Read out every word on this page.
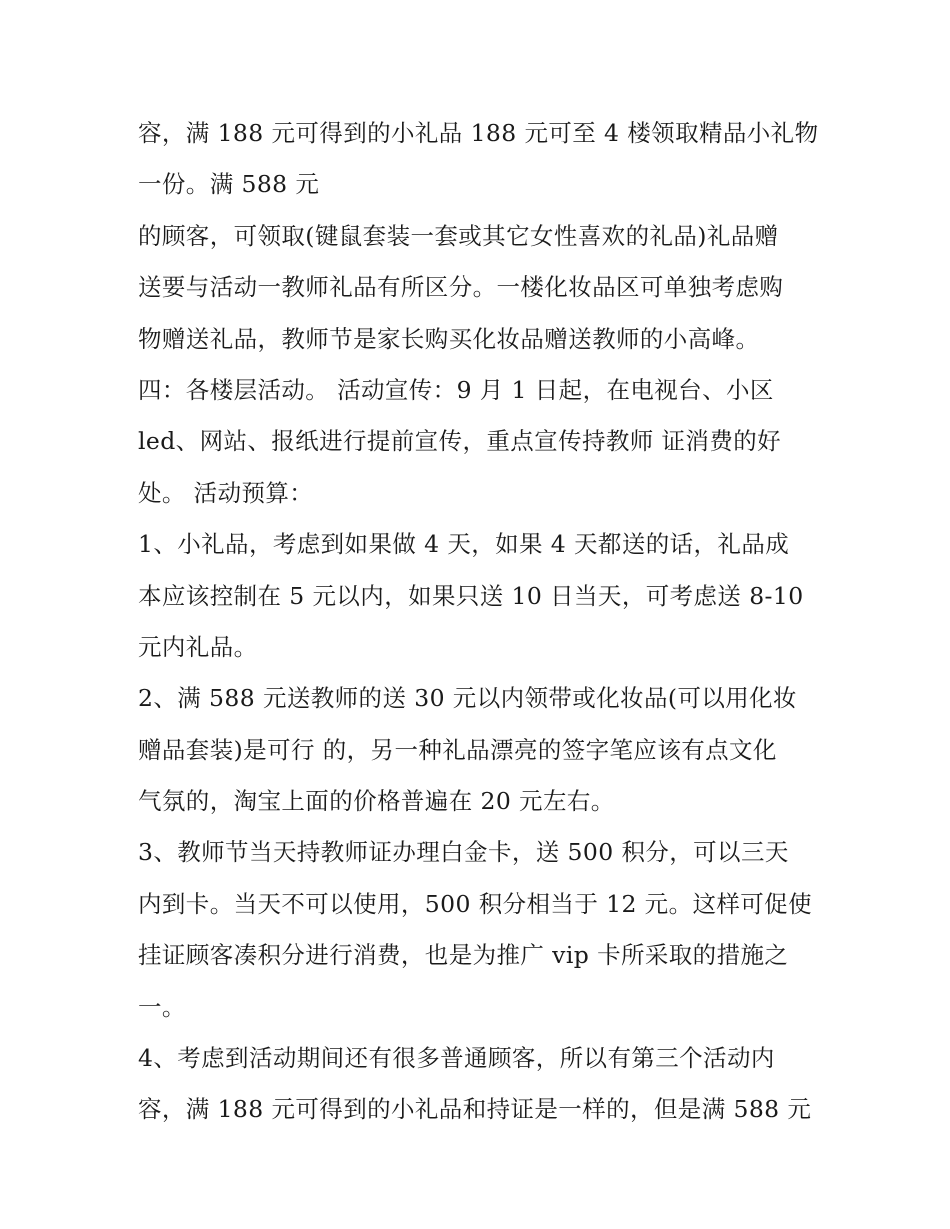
容，满 188 元可得到的小礼品 188 元可至 4 楼领取精品小礼物
一份。满 588 元
的顾客，可领取(键鼠套装一套或其它女性喜欢的礼品)礼品赠
送要与活动一教师礼品有所区分。一楼化妆品区可单独考虑购
物赠送礼品，教师节是家长购买化妆品赠送教师的小高峰。
四：各楼层活动。 活动宣传：9 月 1 日起，在电视台、小区
led、网站、报纸进行提前宣传，重点宣传持教师 证消费的好
处。 活动预算：
1、小礼品，考虑到如果做 4 天，如果 4 天都送的话，礼品成
本应该控制在 5 元以内，如果只送 10 日当天，可考虑送 8-10
元内礼品。
2、满 588 元送教师的送 30 元以内领带或化妆品(可以用化妆
赠品套装)是可行 的，另一种礼品漂亮的签字笔应该有点文化
气氛的，淘宝上面的价格普遍在 20 元左右。
3、教师节当天持教师证办理白金卡，送 500 积分，可以三天
内到卡。当天不可以使用，500 积分相当于 12 元。这样可促使
挂证顾客凑积分进行消费，也是为推广 vip 卡所采取的措施之
一。
4、考虑到活动期间还有很多普通顾客，所以有第三个活动内
容，满 188 元可得到的小礼品和持证是一样的，但是满 588 元
